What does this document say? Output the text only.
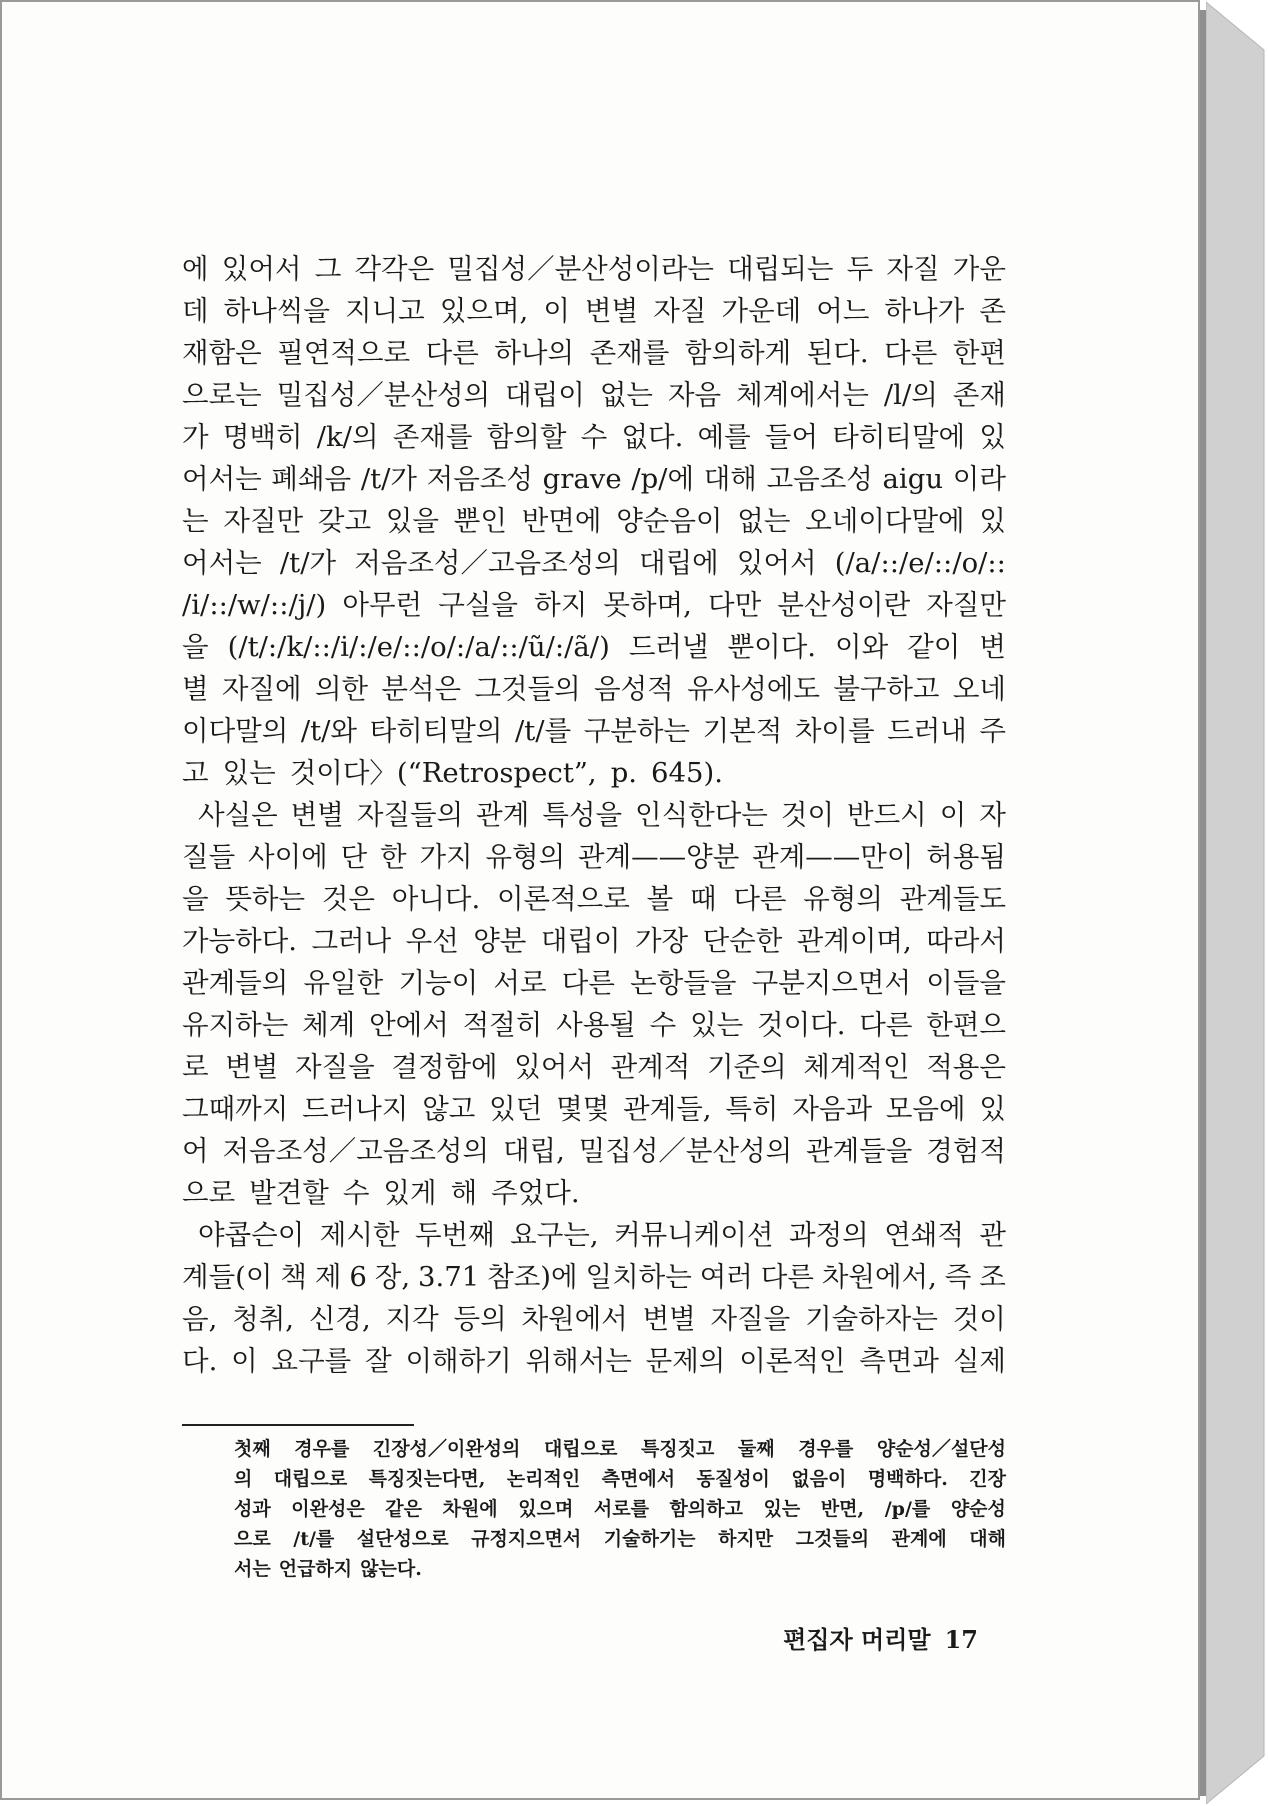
에 있어서 그 각각은 밀집성／분산성이라는 대립되는 두 자질 가운
데 하나씩을 지니고 있으며, 이 변별 자질 가운데 어느 하나가 존
재함은 필연적으로 다른 하나의 존재를 함의하게 된다. 다른 한편
으로는 밀집성／분산성의 대립이 없는 자음 체계에서는 /l/의 존재
가 명백히 /k/의 존재를 함의할 수 없다. 예를 들어 타히티말에 있
어서는 폐쇄음 /t/가 저음조성 grave /p/에 대해 고음조성 aigu 이라
는 자질만 갖고 있을 뿐인 반면에 양순음이 없는 오네이다말에 있
어서는 /t/가 저음조성／고음조성의 대립에 있어서 (/a/::/e/::/o/::
/i/::/w/::/j/) 아무런 구실을 하지 못하며, 다만 분산성이란 자질만
을 (/t/:/k/::/i/:/e/::/o/:/a/::/ũ/:/ã/) 드러낼 뿐이다. 이와 같이 변
별 자질에 의한 분석은 그것들의 음성적 유사성에도 불구하고 오네
이다말의 /t/와 타히티말의 /t/를 구분하는 기본적 차이를 드러내 주
고 있는 것이다〉(“Retrospect”, p. 645).
사실은 변별 자질들의 관계 특성을 인식한다는 것이 반드시 이 자
질들 사이에 단 한 가지 유형의 관계——양분 관계——만이 허용됨
을 뜻하는 것은 아니다. 이론적으로 볼 때 다른 유형의 관계들도
가능하다. 그러나 우선 양분 대립이 가장 단순한 관계이며, 따라서
관계들의 유일한 기능이 서로 다른 논항들을 구분지으면서 이들을
유지하는 체계 안에서 적절히 사용될 수 있는 것이다. 다른 한편으
로 변별 자질을 결정함에 있어서 관계적 기준의 체계적인 적용은
그때까지 드러나지 않고 있던 몇몇 관계들, 특히 자음과 모음에 있
어 저음조성／고음조성의 대립, 밀집성／분산성의 관계들을 경험적
으로 발견할 수 있게 해 주었다.
야콥슨이 제시한 두번째 요구는, 커뮤니케이션 과정의 연쇄적 관
계들(이 책 제 6 장, 3.71 참조)에 일치하는 여러 다른 차원에서, 즉 조
음, 청취, 신경, 지각 등의 차원에서 변별 자질을 기술하자는 것이
다. 이 요구를 잘 이해하기 위해서는 문제의 이론적인 측면과 실제
첫째 경우를 긴장성／이완성의 대립으로 특징짓고 둘째 경우를 양순성／설단성
의 대립으로 특징짓는다면, 논리적인 측면에서 동질성이 없음이 명백하다. 긴장
성과 이완성은 같은 차원에 있으며 서로를 함의하고 있는 반면, /p/를 양순성
으로 /t/를 설단성으로 규정지으면서 기술하기는 하지만 그것들의 관계에 대해
서는 언급하지 않는다.
편집자 머리말 17
